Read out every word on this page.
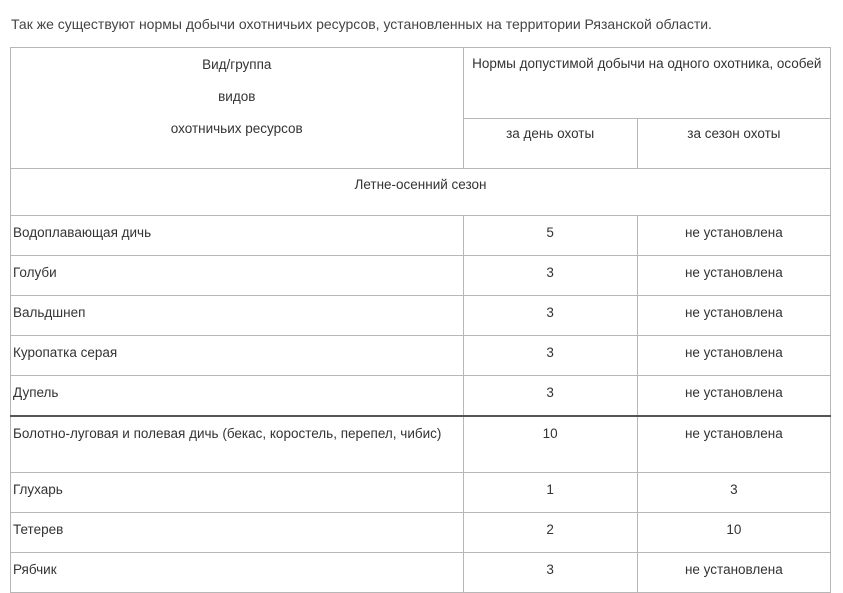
Так же существуют нормы добычи охотничьих ресурсов, установленных на территории Рязанской области.
Вид/группа
видов
охотничьих ресурсов	Нормы допустимой добычи на одного охотника, особей	
	за день охоты	за сезон охоты
Летне-осенний сезон		
Водоплавающая дичь	5	не установлена
Голуби	3	не установлена
Вальдшнеп	3	не установлена
Куропатка серая	3	не установлена
Дупель	3	не установлена
Болотно-луговая и полевая дичь (бекас, коростель, перепел, чибис)	10	не установлена
Глухарь	1	3
Тетерев	2	10
Рябчик	3	не установлена
